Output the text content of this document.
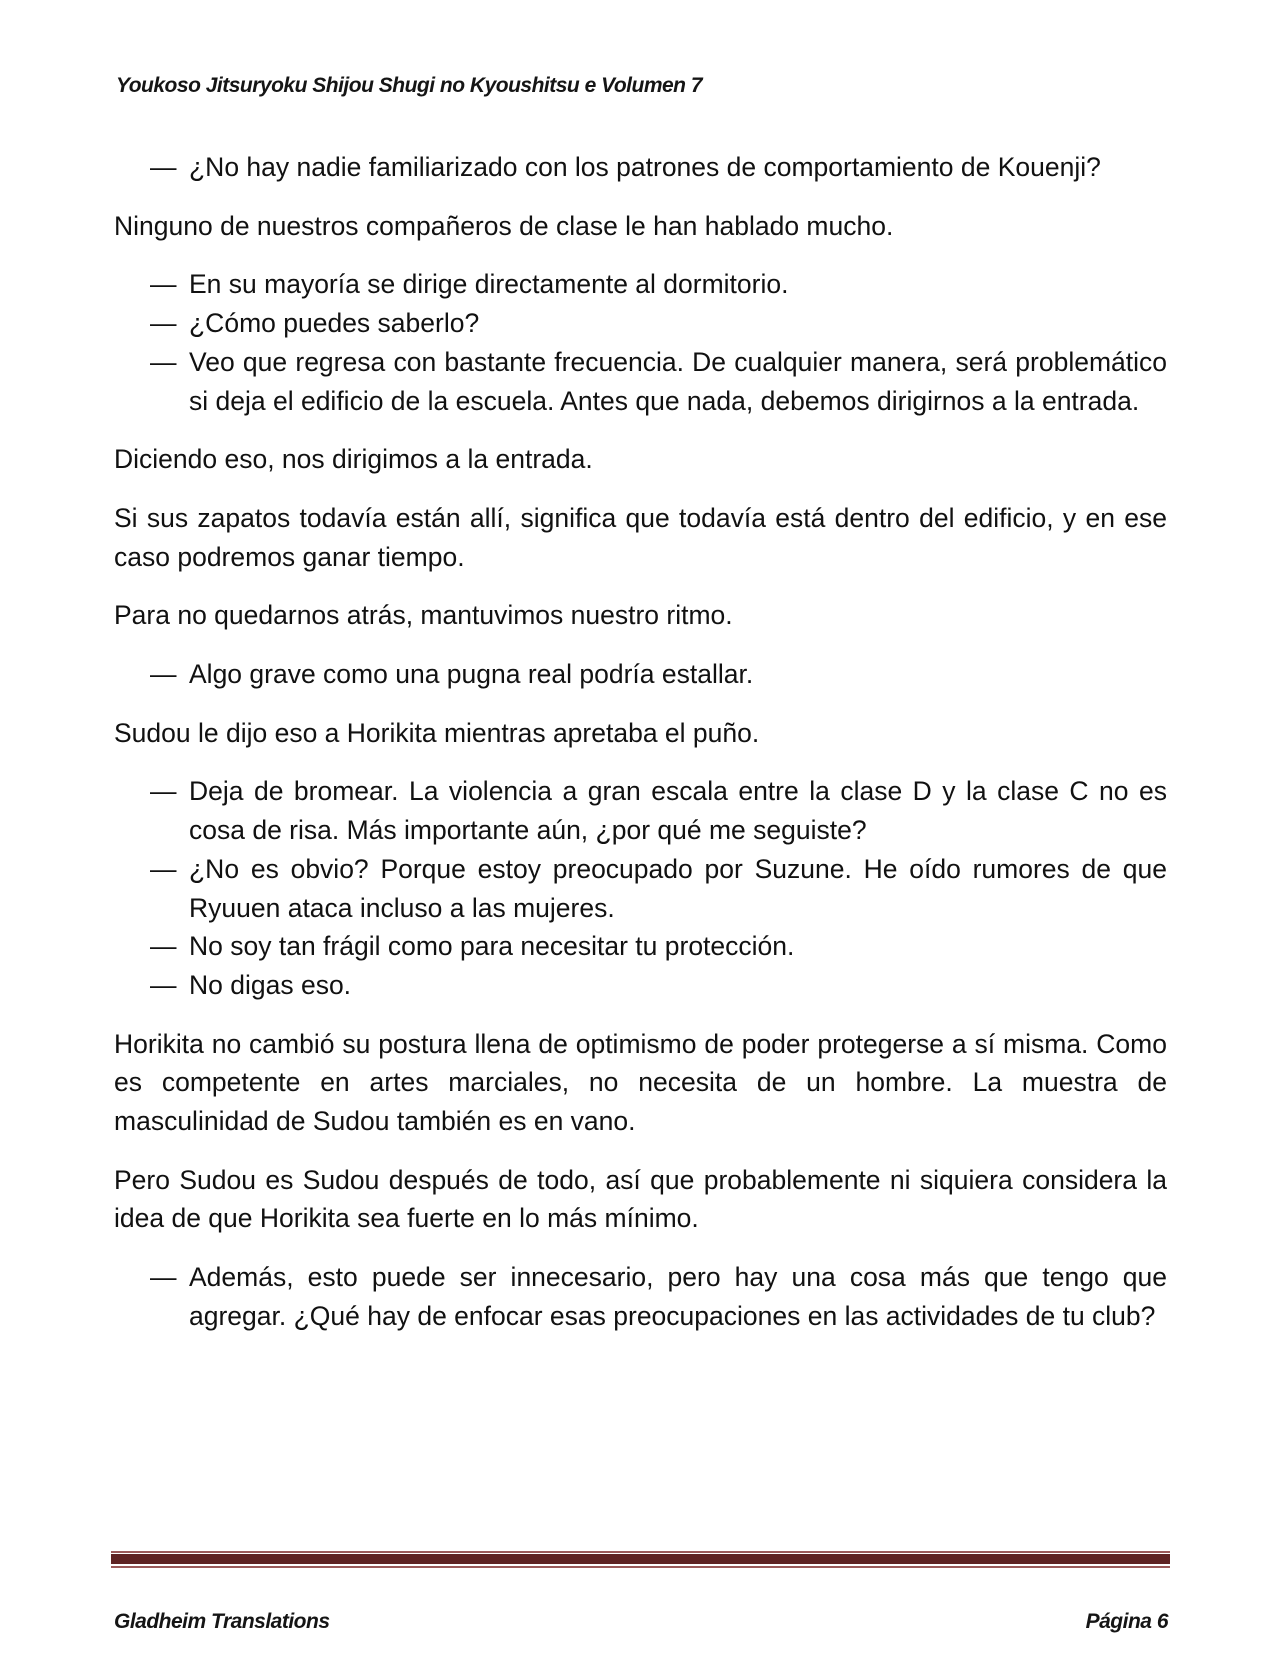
Youkoso Jitsuryoku Shijou Shugi no Kyoushitsu e Volumen 7
— ¿No hay nadie familiarizado con los patrones de comportamiento de Kouenji?

Ninguno de nuestros compañeros de clase le han hablado mucho.

— En su mayoría se dirige directamente al dormitorio.
— ¿Cómo puedes saberlo?
— Veo que regresa con bastante frecuencia. De cualquier manera, será problemático si deja el edificio de la escuela. Antes que nada, debemos dirigirnos a la entrada.

Diciendo eso, nos dirigimos a la entrada.

Si sus zapatos todavía están allí, significa que todavía está dentro del edificio, y en ese caso podremos ganar tiempo.

Para no quedarnos atrás, mantuvimos nuestro ritmo.

— Algo grave como una pugna real podría estallar.

Sudou le dijo eso a Horikita mientras apretaba el puño.

— Deja de bromear. La violencia a gran escala entre la clase D y la clase C no es cosa de risa. Más importante aún, ¿por qué me seguiste?
— ¿No es obvio? Porque estoy preocupado por Suzune. He oído rumores de que Ryuuen ataca incluso a las mujeres.
— No soy tan frágil como para necesitar tu protección.
— No digas eso.

Horikita no cambió su postura llena de optimismo de poder protegerse a sí misma. Como es competente en artes marciales, no necesita de un hombre. La muestra de masculinidad de Sudou también es en vano.

Pero Sudou es Sudou después de todo, así que probablemente ni siquiera considera la idea de que Horikita sea fuerte en lo más mínimo.

— Además, esto puede ser innecesario, pero hay una cosa más que tengo que agregar. ¿Qué hay de enfocar esas preocupaciones en las actividades de tu club?
Gladheim Translations	Página 6
